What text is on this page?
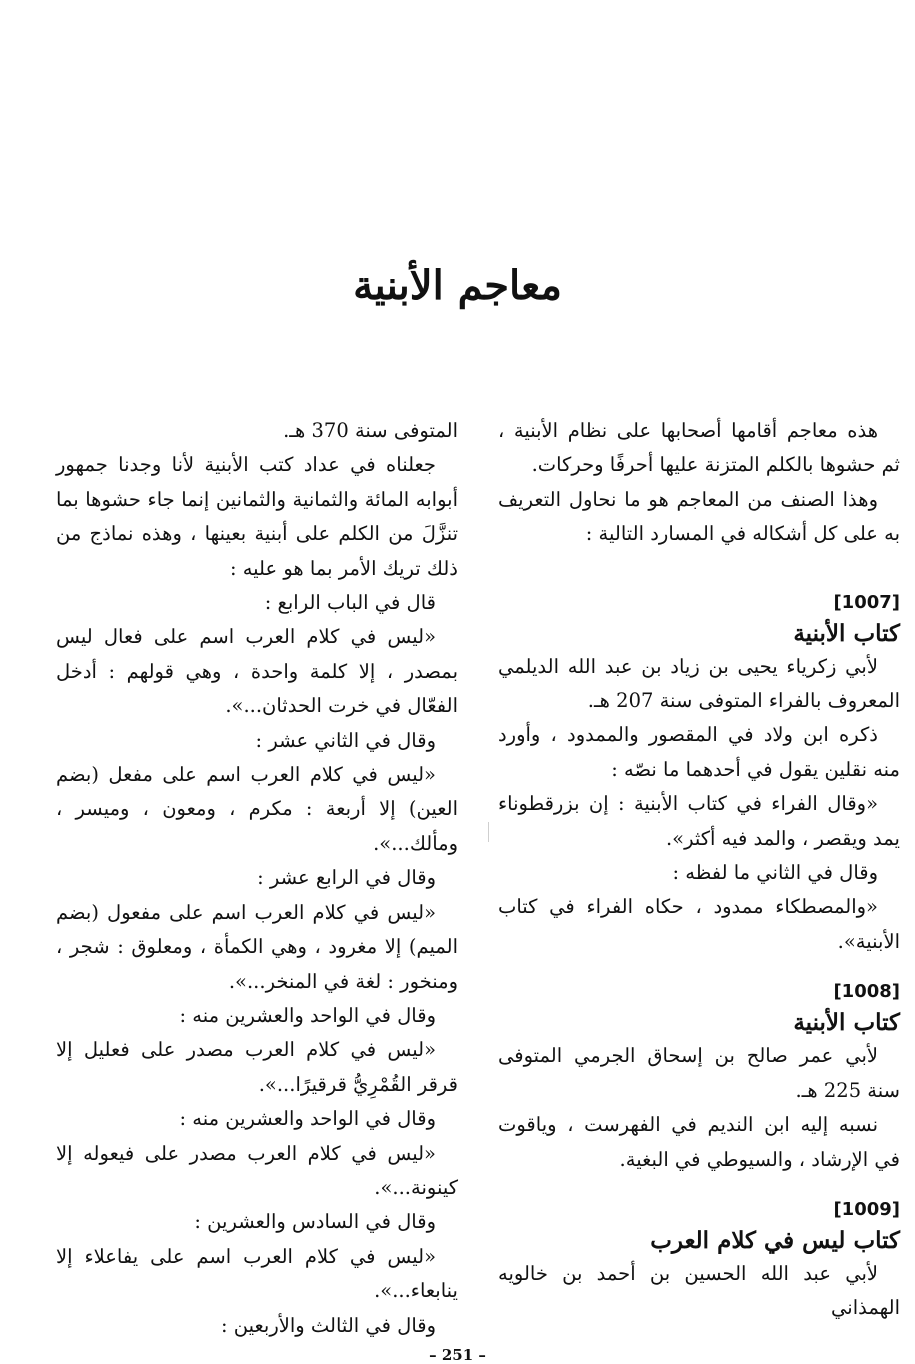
معاجم الأبنية

هذه معاجم أقامها أصحابها على نظام الأبنية ، ثم حشوها بالكلم المتزنة عليها أحرفًا وحركات.

وهذا الصنف من المعاجم هو ما نحاول التعريف به على كل أشكاله في المسارد التالية :

[1007]

كتاب الأبنية

لأبي زكرياء يحيى بن زياد بن عبد الله الديلمي المعروف بالفراء المتوفى سنة 207 هـ.

ذكره ابن ولاد في المقصور والممدود ، وأورد منه نقلين يقول في أحدهما ما نصّه :

«وقال الفراء في كتاب الأبنية : إن بزرقطوناء يمد ويقصر ، والمد فيه أكثر».

وقال في الثاني ما لفظه :

«والمصطكاء ممدود ، حكاه الفراء في كتاب الأبنية».

[1008]

كتاب الأبنية

لأبي عمر صالح بن إسحاق الجرمي المتوفى سنة 225 هـ.

نسبه إليه ابن النديم في الفهرست ، وياقوت في الإرشاد ، والسيوطي في البغية.

[1009]

كتاب ليس في كلام العرب

لأبي عبد الله الحسين بن أحمد بن خالويه الهمذاني

المتوفى سنة 370 هـ.

جعلناه في عداد كتب الأبنية لأنا وجدنا جمهور أبوابه المائة والثمانية والثمانين إنما جاء حشوها بما تنزَّلَ من الكلم على أبنية بعينها ، وهذه نماذج من ذلك تريك الأمر بما هو عليه :

قال في الباب الرابع :

«ليس في كلام العرب اسم على فعال ليس بمصدر ، إلا كلمة واحدة ، وهي قولهم : أدخل الفعّال في خرت الحدثان...».

وقال في الثاني عشر :

«ليس في كلام العرب اسم على مفعل (بضم العين) إلا أربعة : مكرم ، ومعون ، وميسر ، ومألك...».

وقال في الرابع عشر :

«ليس في كلام العرب اسم على مفعول (بضم الميم) إلا مغرود ، وهي الكمأة ، ومعلوق : شجر ، ومنخور : لغة في المنخر...».

وقال في الواحد والعشرين منه :

«ليس في كلام العرب مصدر على فعليل إلا قرقر القُمْرِيُّ قرقيرًا...».

وقال في الواحد والعشرين منه :

«ليس في كلام العرب مصدر على فيعوله إلا كينونة...».

وقال في السادس والعشرين :

«ليس في كلام العرب اسم على يفاعلاء إلا ينابعاء...».

وقال في الثالث والأربعين :

– 251 –
